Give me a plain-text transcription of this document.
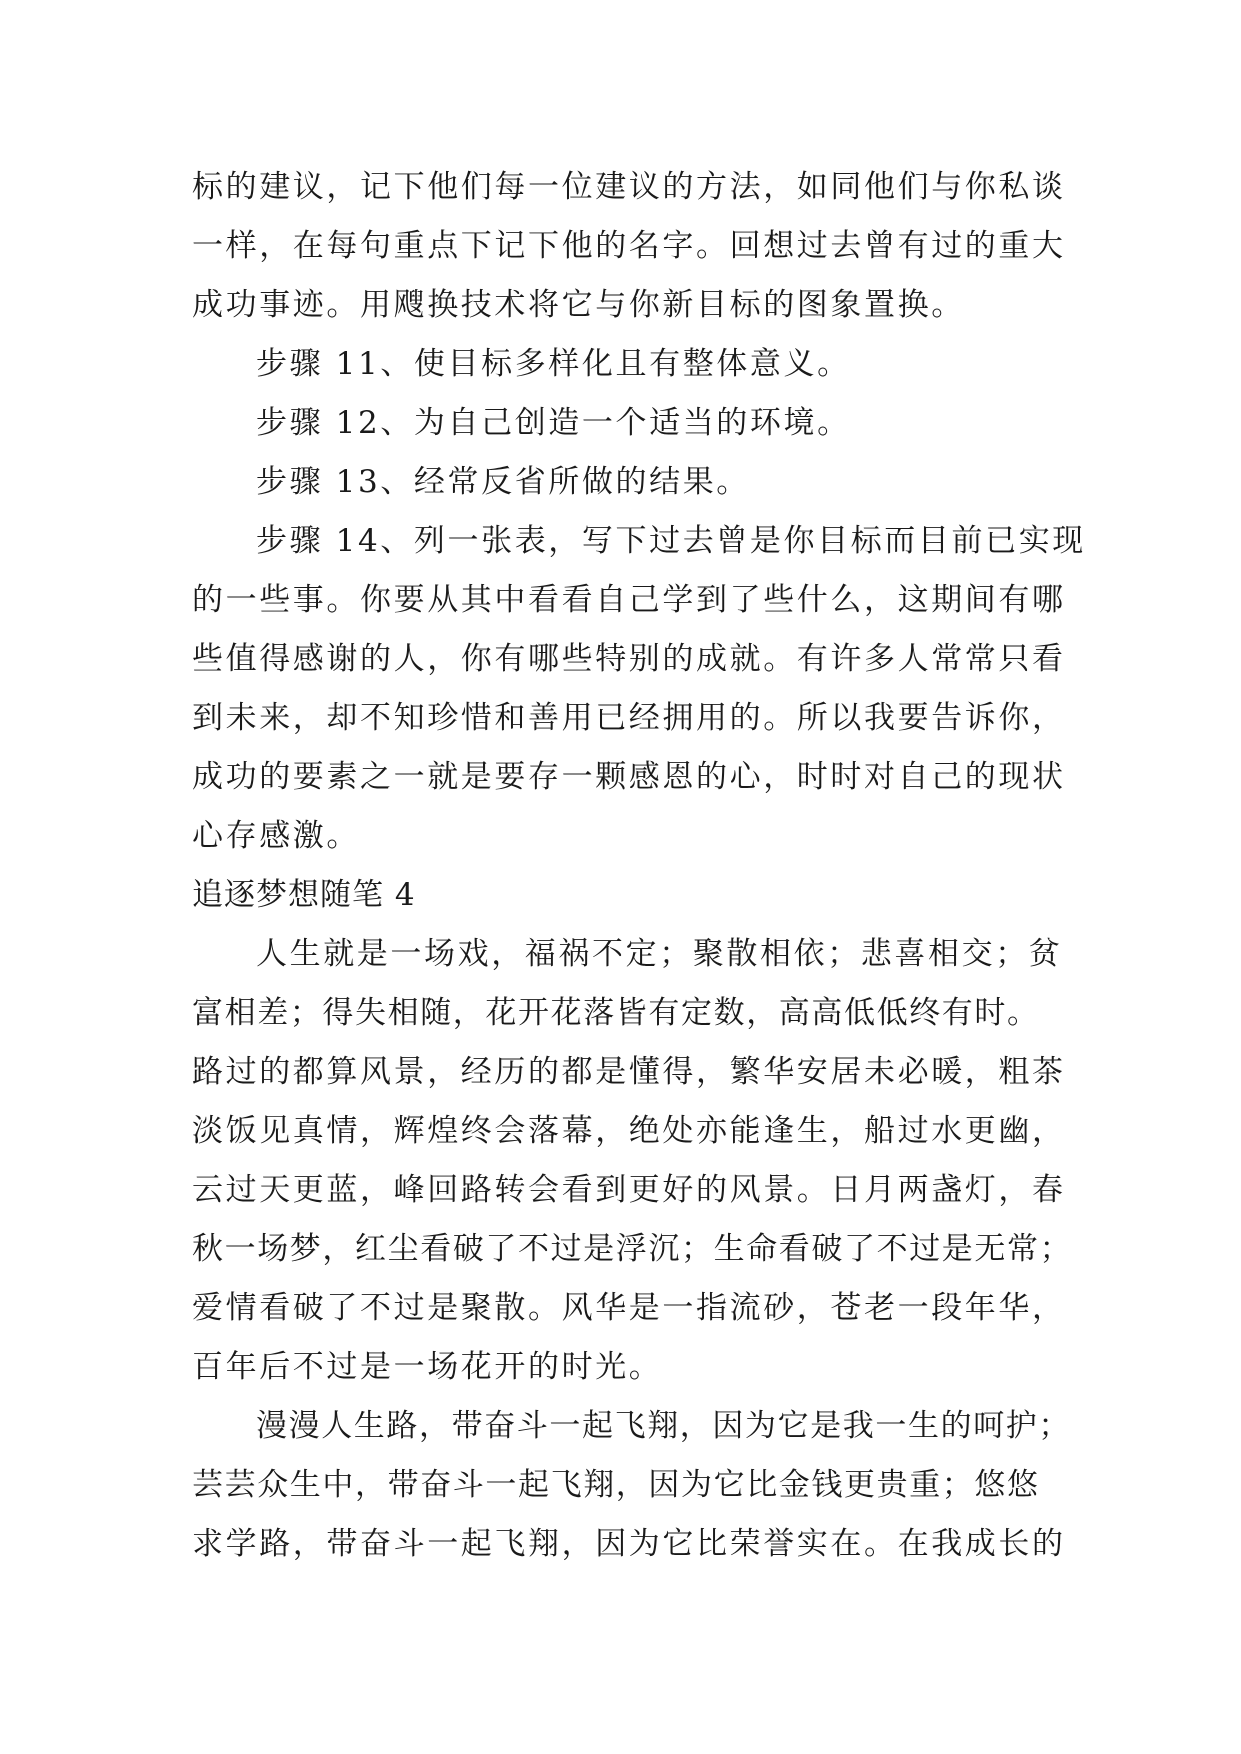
标的建议，记下他们每一位建议的方法，如同他们与你私谈
一样，在每句重点下记下他的名字。回想过去曾有过的重大
成功事迹。用飕换技术将它与你新目标的图象置换。
步骤 11、使目标多样化且有整体意义。
步骤 12、为自己创造一个适当的环境。
步骤 13、经常反省所做的结果。
步骤 14、列一张表，写下过去曾是你目标而目前已实现
的一些事。你要从其中看看自己学到了些什么，这期间有哪
些值得感谢的人，你有哪些特别的成就。有许多人常常只看
到未来，却不知珍惜和善用已经拥用的。所以我要告诉你，
成功的要素之一就是要存一颗感恩的心，时时对自己的现状
心存感激。
追逐梦想随笔 4
人生就是一场戏，福祸不定；聚散相依；悲喜相交；贫
富相差；得失相随，花开花落皆有定数，高高低低终有时。
路过的都算风景，经历的都是懂得，繁华安居未必暖，粗茶
淡饭见真情，辉煌终会落幕，绝处亦能逢生，船过水更幽，
云过天更蓝，峰回路转会看到更好的风景。日月两盏灯，春
秋一场梦，红尘看破了不过是浮沉；生命看破了不过是无常；
爱情看破了不过是聚散。风华是一指流砂，苍老一段年华，
百年后不过是一场花开的时光。
漫漫人生路，带奋斗一起飞翔，因为它是我一生的呵护；
芸芸众生中，带奋斗一起飞翔，因为它比金钱更贵重；悠悠
求学路，带奋斗一起飞翔，因为它比荣誉实在。在我成长的
